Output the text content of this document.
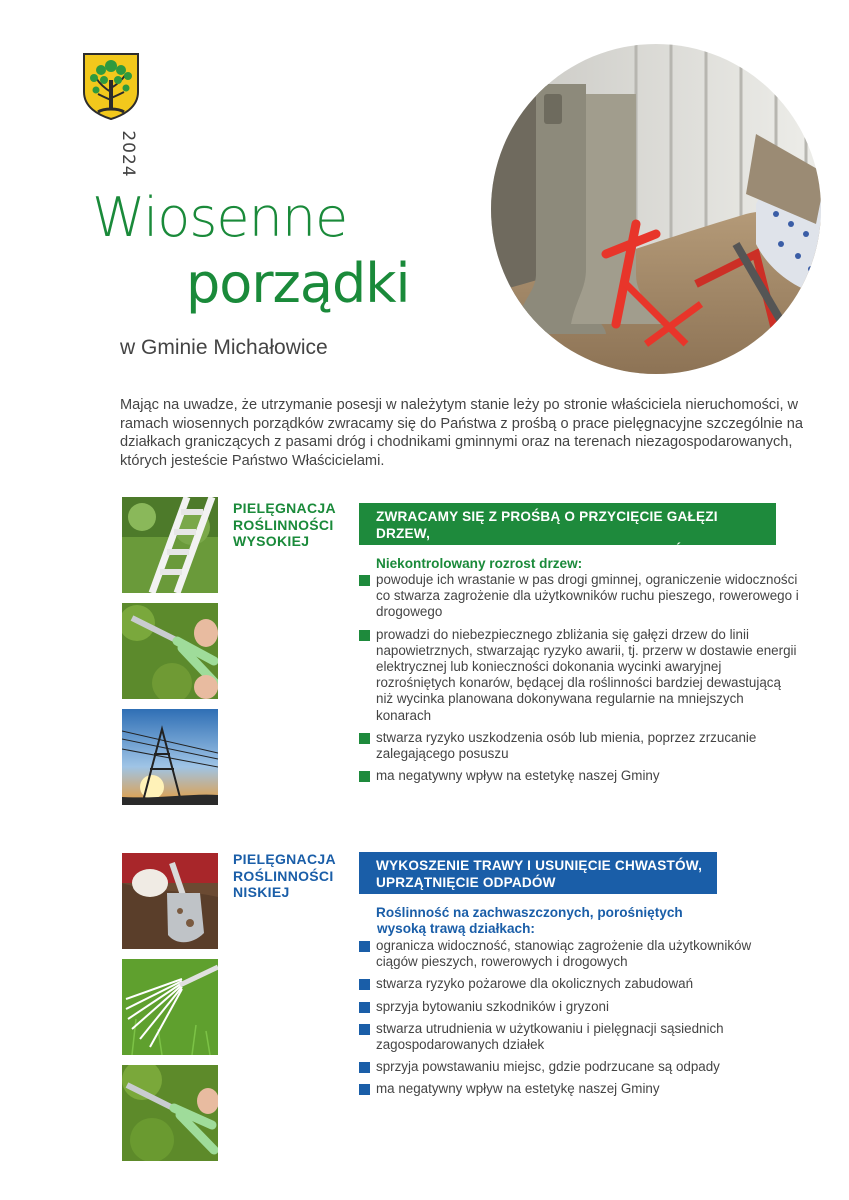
2024
Wiosenne
porządki
w Gminie Michałowice
Mając na uwadze, że utrzymanie posesji w należytym stanie leży po stronie właściciela nieruchomości, w ramach wiosennych porządków zwracamy się do Państwa z prośbą o prace pielęgnacyjne szczególnie na działkach graniczących z pasami dróg i chodnikami gminnymi oraz na terenach niezagospodarowanych, których jesteście Państwo Właścicielami.
PIELĘGNACJA
ROŚLINNOŚCI
WYSOKIEJ
ZWRACAMY SIĘ Z PROŚBĄ O PRZYCIĘCIE GAŁĘZI DRZEW,
WYGRABIENIE ZALEGAJĄCYCH GAŁĘZI I LIŚCI
Niekontrolowany rozrost drzew:
powoduje ich wrastanie w pas drogi gminnej, ograniczenie widoczności co stwarza zagrożenie dla użytkowników ruchu pieszego, rowerowego i drogowego
prowadzi do niebezpiecznego zbliżania się gałęzi drzew do linii napowietrznych, stwarzając ryzyko awarii, tj. przerw w dostawie energii elektrycznej lub konieczności dokonania wycinki awaryjnej rozrośniętych konarów, będącej dla roślinności bardziej dewastującą niż wycinka planowana dokonywana regularnie na mniejszych konarach
stwarza ryzyko uszkodzenia osób lub mienia, poprzez zrzucanie zalegającego posuszu
ma negatywny wpływ na estetykę naszej Gminy
PIELĘGNACJA
ROŚLINNOŚCI
NISKIEJ
WYKOSZENIE TRAWY I USUNIĘCIE CHWASTÓW,
UPRZĄTNIĘCIE ODPADÓW
Roślinność na zachwaszczonych, porośniętych
wysoką trawą działkach:
ogranicza widoczność, stanowiąc zagrożenie dla użytkowników ciągów pieszych, rowerowych i drogowych
stwarza ryzyko pożarowe dla okolicznych zabudowań
sprzyja bytowaniu szkodników i gryzoni
stwarza utrudnienia w użytkowaniu i pielęgnacji sąsiednich zagospodarowanych działek
sprzyja powstawaniu miejsc, gdzie podrzucane są odpady
ma negatywny wpływ na estetykę naszej Gminy
